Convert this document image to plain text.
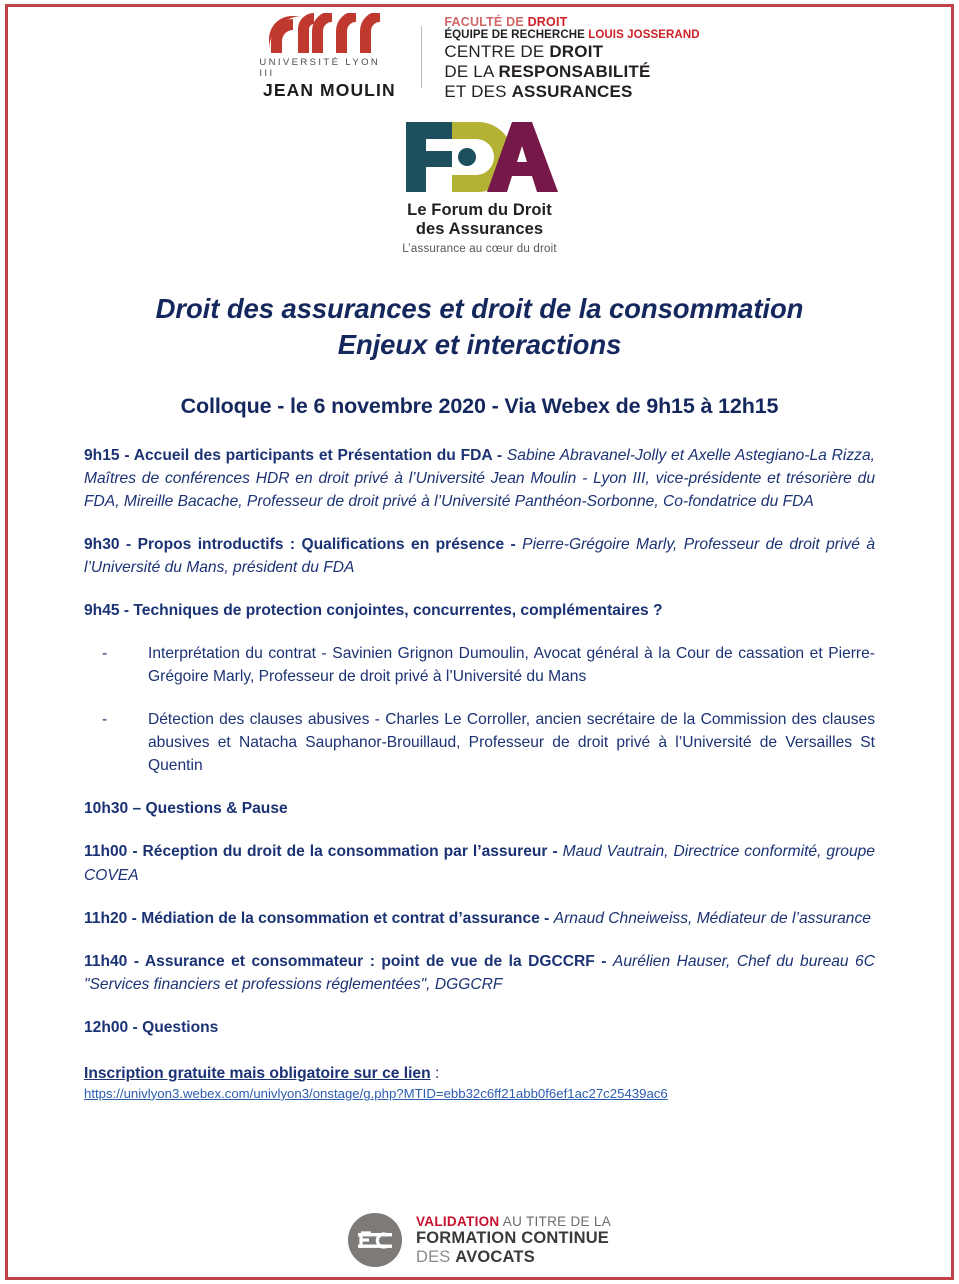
UNIVERSITÉ LYON III
JEAN MOULIN
FACULTÉ DE DROIT
ÉQUIPE DE RECHERCHE LOUIS JOSSERAND
CENTRE DE DROIT
DE LA RESPONSABILITÉ
ET DES ASSURANCES
Le Forum du Droit
des Assurances
L’assurance au cœur du droit
Droit des assurances et droit de la consommation
Enjeux et interactions
Colloque - le 6 novembre 2020 - Via Webex de 9h15 à 12h15
9h15 - Accueil des participants et Présentation du FDA - Sabine Abravanel-Jolly et Axelle Astegiano-La Rizza, Maîtres de conférences HDR en droit privé à l’Université Jean Moulin - Lyon III, vice-présidente et trésorière du FDA, Mireille Bacache, Professeur de droit privé à l’Université Panthéon-Sorbonne, Co-fondatrice du FDA
9h30 - Propos introductifs : Qualifications en présence - Pierre-Grégoire Marly, Professeur de droit privé à l’Université du Mans, président du FDA
9h45 - Techniques de protection conjointes, concurrentes, complémentaires ?
-	Interprétation du contrat - Savinien Grignon Dumoulin, Avocat général à la Cour de cassation et Pierre-Grégoire Marly, Professeur de droit privé à l’Université du Mans
-	Détection des clauses abusives - Charles Le Corroller, ancien secrétaire de la Commission des clauses abusives et Natacha Sauphanor-Brouillaud, Professeur de droit privé à l’Université de Versailles St Quentin
10h30 – Questions & Pause
11h00 - Réception du droit de la consommation par l’assureur - Maud Vautrain, Directrice conformité, groupe COVEA
11h20 - Médiation de la consommation et contrat d’assurance - Arnaud Chneiweiss, Médiateur de l’assurance
11h40 - Assurance et consommateur : point de vue de la DGCCRF - Aurélien Hauser, Chef du bureau 6C "Services financiers et professions réglementées", DGGCRF
12h00 - Questions
Inscription gratuite mais obligatoire sur ce lien :
https://univlyon3.webex.com/univlyon3/onstage/g.php?MTID=ebb32c6ff21abb0f6ef1ac27c25439ac6
VALIDATION AU TITRE DE LA
FORMATION CONTINUE
DES AVOCATS
